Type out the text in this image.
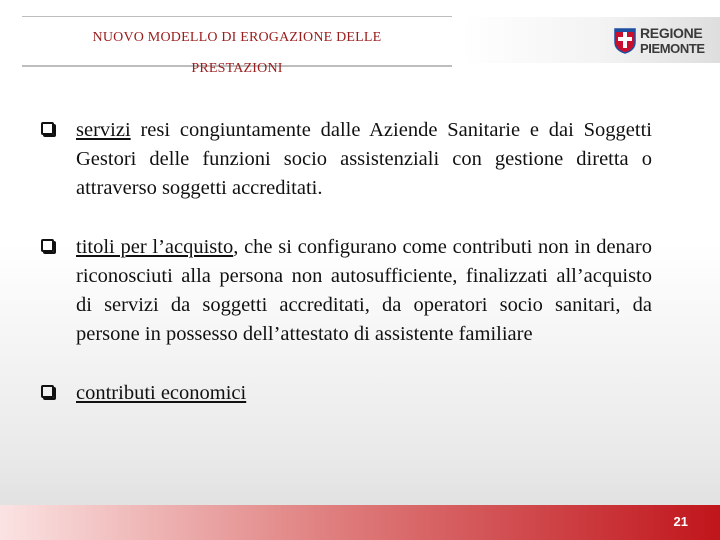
NUOVO MODELLO DI EROGAZIONE DELLE
PRESTAZIONI
REGIONE
PIEMONTE
servizi resi congiuntamente dalle Aziende Sanitarie e dai Soggetti Gestori delle funzioni socio assistenziali con gestione diretta o attraverso soggetti accreditati.
titoli per l’acquisto, che si configurano come contributi non in denaro riconosciuti alla persona non autosufficiente, finalizzati all’acquisto di servizi da soggetti accreditati, da operatori socio sanitari, da persone in possesso dell’attestato di assistente familiare
contributi economici
21
